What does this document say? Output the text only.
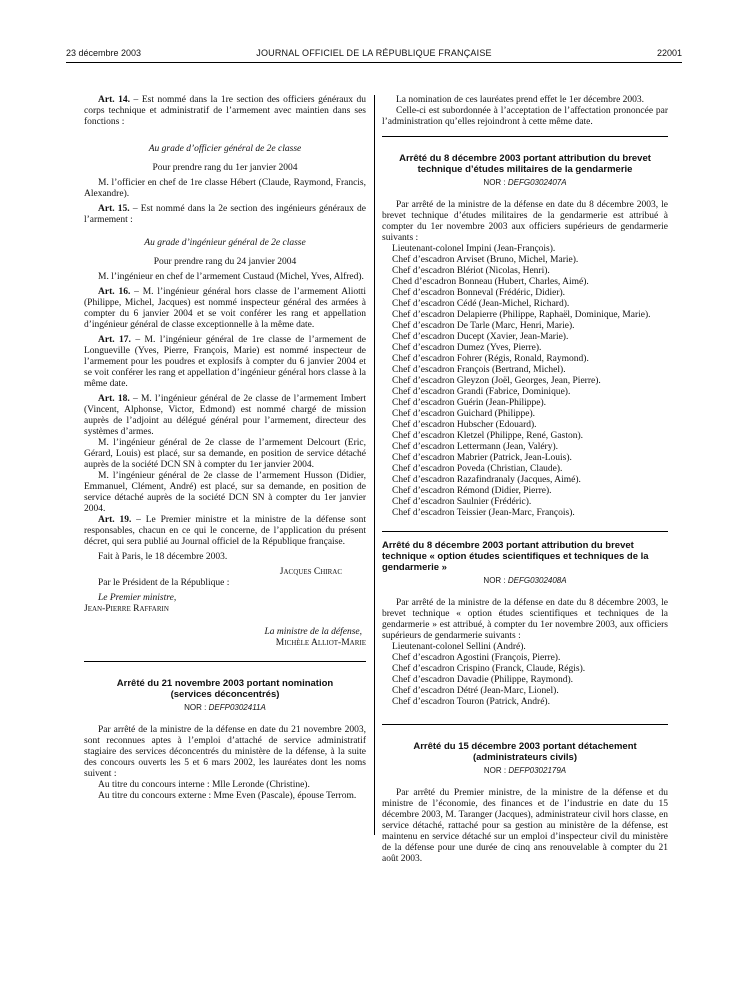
23 décembre 2003	JOURNAL OFFICIEL DE LA RÉPUBLIQUE FRANÇAISE	22001

Art. 14. – Est nommé dans la 1re section des officiers généraux du corps technique et administratif de l’armement avec maintien dans ses fonctions :

Au grade d’officier général de 2e classe

Pour prendre rang du 1er janvier 2004

M. l’officier en chef de 1re classe Hébert (Claude, Raymond, Francis, Alexandre).

Art. 15. – Est nommé dans la 2e section des ingénieurs généraux de l’armement :

Au grade d’ingénieur général de 2e classe

Pour prendre rang du 24 janvier 2004

M. l’ingénieur en chef de l’armement Custaud (Michel, Yves, Alfred).

Art. 16. – M. l’ingénieur général hors classe de l’armement Aliotti (Philippe, Michel, Jacques) est nommé inspecteur général des armées à compter du 6 janvier 2004 et se voit conférer les rang et appellation d’ingénieur général de classe exceptionnelle à la même date.

Art. 17. – M. l’ingénieur général de 1re classe de l’armement de Longueville (Yves, Pierre, François, Marie) est nommé inspecteur de l’armement pour les poudres et explosifs à compter du 6 janvier 2004 et se voit conférer les rang et appellation d’ingénieur général hors classe à la même date.

Art. 18. – M. l’ingénieur général de 2e classe de l’armement Imbert (Vincent, Alphonse, Victor, Edmond) est nommé chargé de mission auprès de l’adjoint au délégué général pour l’armement, directeur des systèmes d’armes.

M. l’ingénieur général de 2e classe de l’armement Delcourt (Eric, Gérard, Louis) est placé, sur sa demande, en position de service détaché auprès de la société DCN SN à compter du 1er janvier 2004.

M. l’ingénieur général de 2e classe de l’armement Husson (Didier, Emmanuel, Clément, André) est placé, sur sa demande, en position de service détaché auprès de la société DCN SN à compter du 1er janvier 2004.

Art. 19. – Le Premier ministre et la ministre de la défense sont responsables, chacun en ce qui le concerne, de l’application du présent décret, qui sera publié au Journal officiel de la République française.

Fait à Paris, le 18 décembre 2003.

Jacques Chirac

Par le Président de la République :

Le Premier ministre,

Jean-Pierre Raffarin

La ministre de la défense,

Michèle Alliot-Marie

Arrêté du 21 novembre 2003 portant nomination (services déconcentrés)

NOR : DEFP0302411A

Par arrêté de la ministre de la défense en date du 21 novembre 2003, sont reconnues aptes à l’emploi d’attaché de service administratif stagiaire des services déconcentrés du ministère de la défense, à la suite des concours ouverts les 5 et 6 mars 2002, les lauréates dont les noms suivent :

Au titre du concours interne : Mlle Leronde (Christine).

Au titre du concours externe : Mme Even (Pascale), épouse Terrom.

La nomination de ces lauréates prend effet le 1er décembre 2003.

Celle-ci est subordonnée à l’acceptation de l’affectation prononcée par l’administration qu’elles rejoindront à cette même date.

Arrêté du 8 décembre 2003 portant attribution du brevet technique d’études militaires de la gendarmerie

NOR : DEFG0302407A

Par arrêté de la ministre de la défense en date du 8 décembre 2003, le brevet technique d’études militaires de la gendarmerie est attribué à compter du 1er novembre 2003 aux officiers supérieurs de gendarmerie suivants :

Lieutenant-colonel Impini (Jean-François).
Chef d’escadron Arviset (Bruno, Michel, Marie).
Chef d’escadron Blériot (Nicolas, Henri).
Ched d’escadron Bonneau (Hubert, Charles, Aimé).
Chef d’escadron Bonneval (Frédéric, Didier).
Chef d’escadron Cédé (Jean-Michel, Richard).
Chef d’escadron Delapierre (Philippe, Raphaël, Dominique, Marie).
Chef d’escadron De Tarle (Marc, Henri, Marie).
Chef d’escadron Ducept (Xavier, Jean-Marie).
Chef d’escadron Dumez (Yves, Pierre).
Chef d’escadron Fohrer (Régis, Ronald, Raymond).
Chef d’escadron François (Bertrand, Michel).
Chef d’escadron Gleyzon (Joël, Georges, Jean, Pierre).
Chef d’escadron Grandi (Fabrice, Dominique).
Chef d’escadron Guérin (Jean-Philippe).
Chef d’escadron Guichard (Philippe).
Chef d’escadron Hubscher (Edouard).
Chef d’escadron Kletzel (Philippe, René, Gaston).
Chef d’escadron Lettermann (Jean, Valéry).
Chef d’escadron Mabrier (Patrick, Jean-Louis).
Chef d’escadron Poveda (Christian, Claude).
Chef d’escadron Razafindranaly (Jacques, Aimé).
Chef d’escadron Rémond (Didier, Pierre).
Chef d’escadron Saulnier (Frédéric).
Chef d’escadron Teissier (Jean-Marc, François).

Arrêté du 8 décembre 2003 portant attribution du brevet technique « option études scientifiques et techniques de la gendarmerie »

NOR : DEFG0302408A

Par arrêté de la ministre de la défense en date du 8 décembre 2003, le brevet technique « option études scientifiques et techniques de la gendarmerie » est attribué, à compter du 1er novembre 2003, aux officiers supérieurs de gendarmerie suivants :

Lieutenant-colonel Sellini (André).
Chef d’escadron Agostini (François, Pierre).
Chef d’escadron Crispino (Franck, Claude, Régis).
Chef d’escadron Davadie (Philippe, Raymond).
Chef d’escadron Détré (Jean-Marc, Lionel).
Chef d’escadron Touron (Patrick, André).

Arrêté du 15 décembre 2003 portant détachement (administrateurs civils)

NOR : DEFP0302179A

Par arrêté du Premier ministre, de la ministre de la défense et du ministre de l’économie, des finances et de l’industrie en date du 15 décembre 2003, M. Taranger (Jacques), administrateur civil hors classe, en service détaché, rattaché pour sa gestion au ministère de la défense, est maintenu en service détaché sur un emploi d’inspecteur civil du ministère de la défense pour une durée de cinq ans renouvelable à compter du 21 août 2003.
